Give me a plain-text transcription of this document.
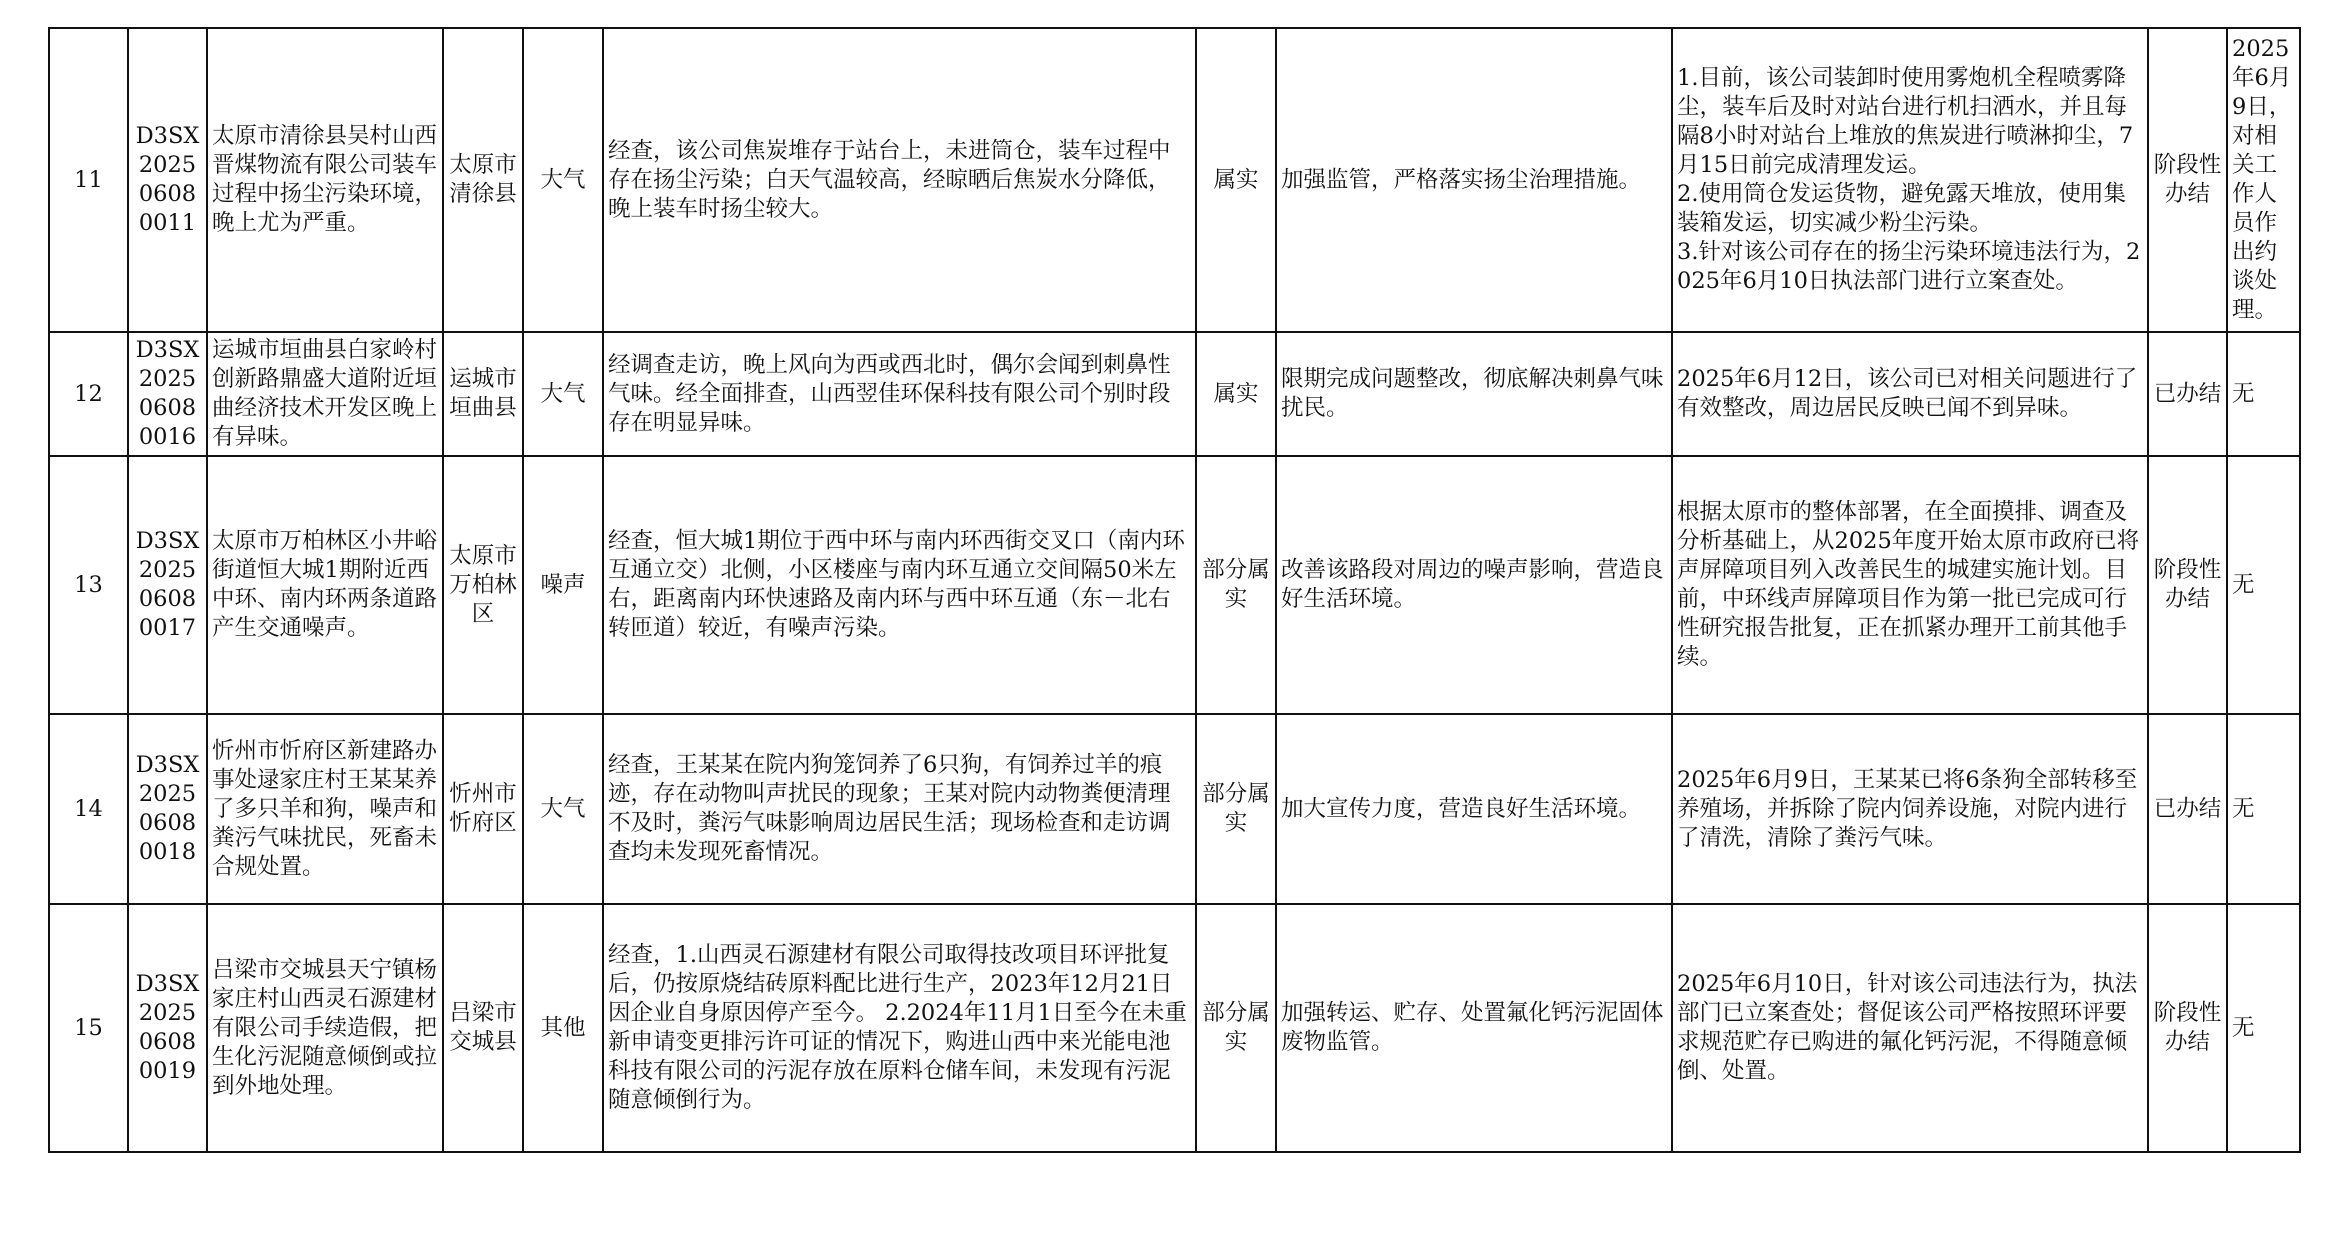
11	D3SX20250608 0011	太原市清徐县吴村山西晋煤物流有限公司装车过程中扬尘污染环境，晚上尤为严重。	太原市清徐县	大气	经查，该公司焦炭堆存于站台上，未进筒仓，装车过程中存在扬尘污染；白天气温较高，经晾晒后焦炭水分降低，晚上装车时扬尘较大。	属实	加强监管，严格落实扬尘治理措施。	1.目前，该公司装卸时使用雾炮机全程喷雾降尘，装车后及时对站台进行机扫洒水，并且每隔8小时对站台上堆放的焦炭进行喷淋抑尘，7月15日前完成清理发运。
2.使用筒仓发运货物，避免露天堆放，使用集装箱发运，切实减少粉尘污染。
3.针对该公司存在的扬尘污染环境违法行为，2025年6月10日执法部门进行立案查处。	阶段性办结	2025年6月9日，对相关工作人员作出约谈处理。
12	D3SX20250608 0016	运城市垣曲县白家岭村创新路鼎盛大道附近垣曲经济技术开发区晚上有异味。	运城市垣曲县	大气	经调查走访，晚上风向为西或西北时，偶尔会闻到刺鼻性气味。经全面排查，山西翌佳环保科技有限公司个别时段存在明显异味。	属实	限期完成问题整改，彻底解决刺鼻气味扰民。	2025年6月12日，该公司已对相关问题进行了有效整改，周边居民反映已闻不到异味。	已办结	无
13	D3SX20250608 0017	太原市万柏林区小井峪街道恒大城1期附近西中环、南内环两条道路产生交通噪声。	太原市万柏林区	噪声	经查，恒大城1期位于西中环与南内环西街交叉口（南内环互通立交）北侧，小区楼座与南内环互通立交间隔50米左右，距离南内环快速路及南内环与西中环互通（东－北右转匝道）较近，有噪声污染。	部分属实	改善该路段对周边的噪声影响，营造良好生活环境。	根据太原市的整体部署，在全面摸排、调查及分析基础上，从2025年度开始太原市政府已将声屏障项目列入改善民生的城建实施计划。目前，中环线声屏障项目作为第一批已完成可行性研究报告批复，正在抓紧办理开工前其他手续。	阶段性办结	无
14	D3SX20250608 0018	忻州市忻府区新建路办事处逯家庄村王某某养了多只羊和狗，噪声和粪污气味扰民，死畜未合规处置。	忻州市忻府区	大气	经查，王某某在院内狗笼饲养了6只狗，有饲养过羊的痕迹，存在动物叫声扰民的现象；王某对院内动物粪便清理不及时，粪污气味影响周边居民生活；现场检查和走访调查均未发现死畜情况。	部分属实	加大宣传力度，营造良好生活环境。	2025年6月9日，王某某已将6条狗全部转移至养殖场，并拆除了院内饲养设施，对院内进行了清洗，清除了粪污气味。	已办结	无
15	D3SX20250608 0019	吕梁市交城县天宁镇杨家庄村山西灵石源建材有限公司手续造假，把生化污泥随意倾倒或拉到外地处理。	吕梁市交城县	其他	经查，1.山西灵石源建材有限公司取得技改项目环评批复后，仍按原烧结砖原料配比进行生产，2023年12月21日因企业自身原因停产至今。 2.2024年11月1日至今在未重新申请变更排污许可证的情况下，购进山西中来光能电池科技有限公司的污泥存放在原料仓储车间，未发现有污泥随意倾倒行为。	部分属实	加强转运、贮存、处置氟化钙污泥固体废物监管。	2025年6月10日，针对该公司违法行为，执法部门已立案查处；督促该公司严格按照环评要求规范贮存已购进的氟化钙污泥，不得随意倾倒、处置。	阶段性办结	无
